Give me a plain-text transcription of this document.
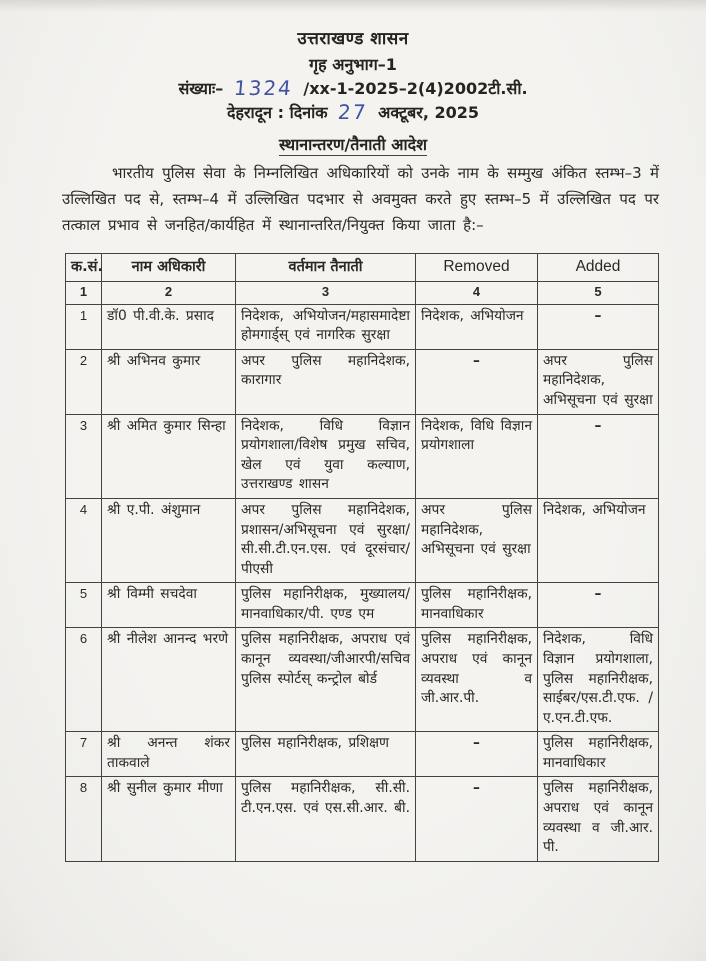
उत्तराखण्ड शासन
गृह अनुभाग–1
संख्याः– 1324 /xx-1-2025–2(4)2002टी.सी.
देहरादून : दिनांक 27 अक्टूबर, 2025
स्थानान्तरण/तैनाती आदेश

भारतीय पुलिस सेवा के निम्नलिखित अधिकारियों को उनके नाम के सम्मुख अंकित स्तम्भ–3 में उल्लिखित पद से, स्तम्भ–4 में उल्लिखित पदभार से अवमुक्त करते हुए स्तम्भ–5 में उल्लिखित पद पर तत्काल प्रभाव से जनहित/कार्यहित में स्थानान्तरित/नियुक्त किया जाता है:–

क.सं.	नाम अधिकारी	वर्तमान तैनाती	Removed	Added
1	2	3	4	5
1	डॉ0 पी.वी.के. प्रसाद	निदेशक, अभियोजन/महासमादेष्टा होमगार्ड्स् एवं नागरिक सुरक्षा	निदेशक, अभियोजन	–
2	श्री अभिनव कुमार	अपर पुलिस महानिदेशक, कारागार	–	अपर पुलिस महानिदेशक, अभिसूचना एवं सुरक्षा
3	श्री अमित कुमार सिन्हा	निदेशक, विधि विज्ञान प्रयोगशाला/विशेष प्रमुख सचिव, खेल एवं युवा कल्याण, उत्तराखण्ड शासन	निदेशक, विधि विज्ञान प्रयोगशाला	–
4	श्री ए.पी. अंशुमान	अपर पुलिस महानिदेशक, प्रशासन/अभिसूचना एवं सुरक्षा/सी.सी.टी.एन.एस. एवं दूरसंचार/पीएसी	अपर पुलिस महानिदेशक, अभिसूचना एवं सुरक्षा	निदेशक, अभियोजन
5	श्री विम्मी सचदेवा	पुलिस महानिरीक्षक, मुख्यालय/मानवाधिकार/पी. एण्ड एम	पुलिस महानिरीक्षक, मानवाधिकार	–
6	श्री नीलेश आनन्द भरणे	पुलिस महानिरीक्षक, अपराध एवं कानून व्यवस्था/जीआरपी/सचिव पुलिस स्पोर्टस् कन्ट्रोल बोर्ड	पुलिस महानिरीक्षक, अपराध एवं कानून व्यवस्था व जी.आर.पी.	निदेशक, विधि विज्ञान प्रयोगशाला, पुलिस महानिरीक्षक, साईबर/एस.टी.एफ. /ए.एन.टी.एफ.
7	श्री अनन्त शंकर ताकवाले	पुलिस महानिरीक्षक, प्रशिक्षण	–	पुलिस महानिरीक्षक, मानवाधिकार
8	श्री सुनील कुमार मीणा	पुलिस महानिरीक्षक, सी.सी. टी.एन.एस. एवं एस.सी.आर. बी.	–	पुलिस महानिरीक्षक, अपराध एवं कानून व्यवस्था व जी.आर. पी.
